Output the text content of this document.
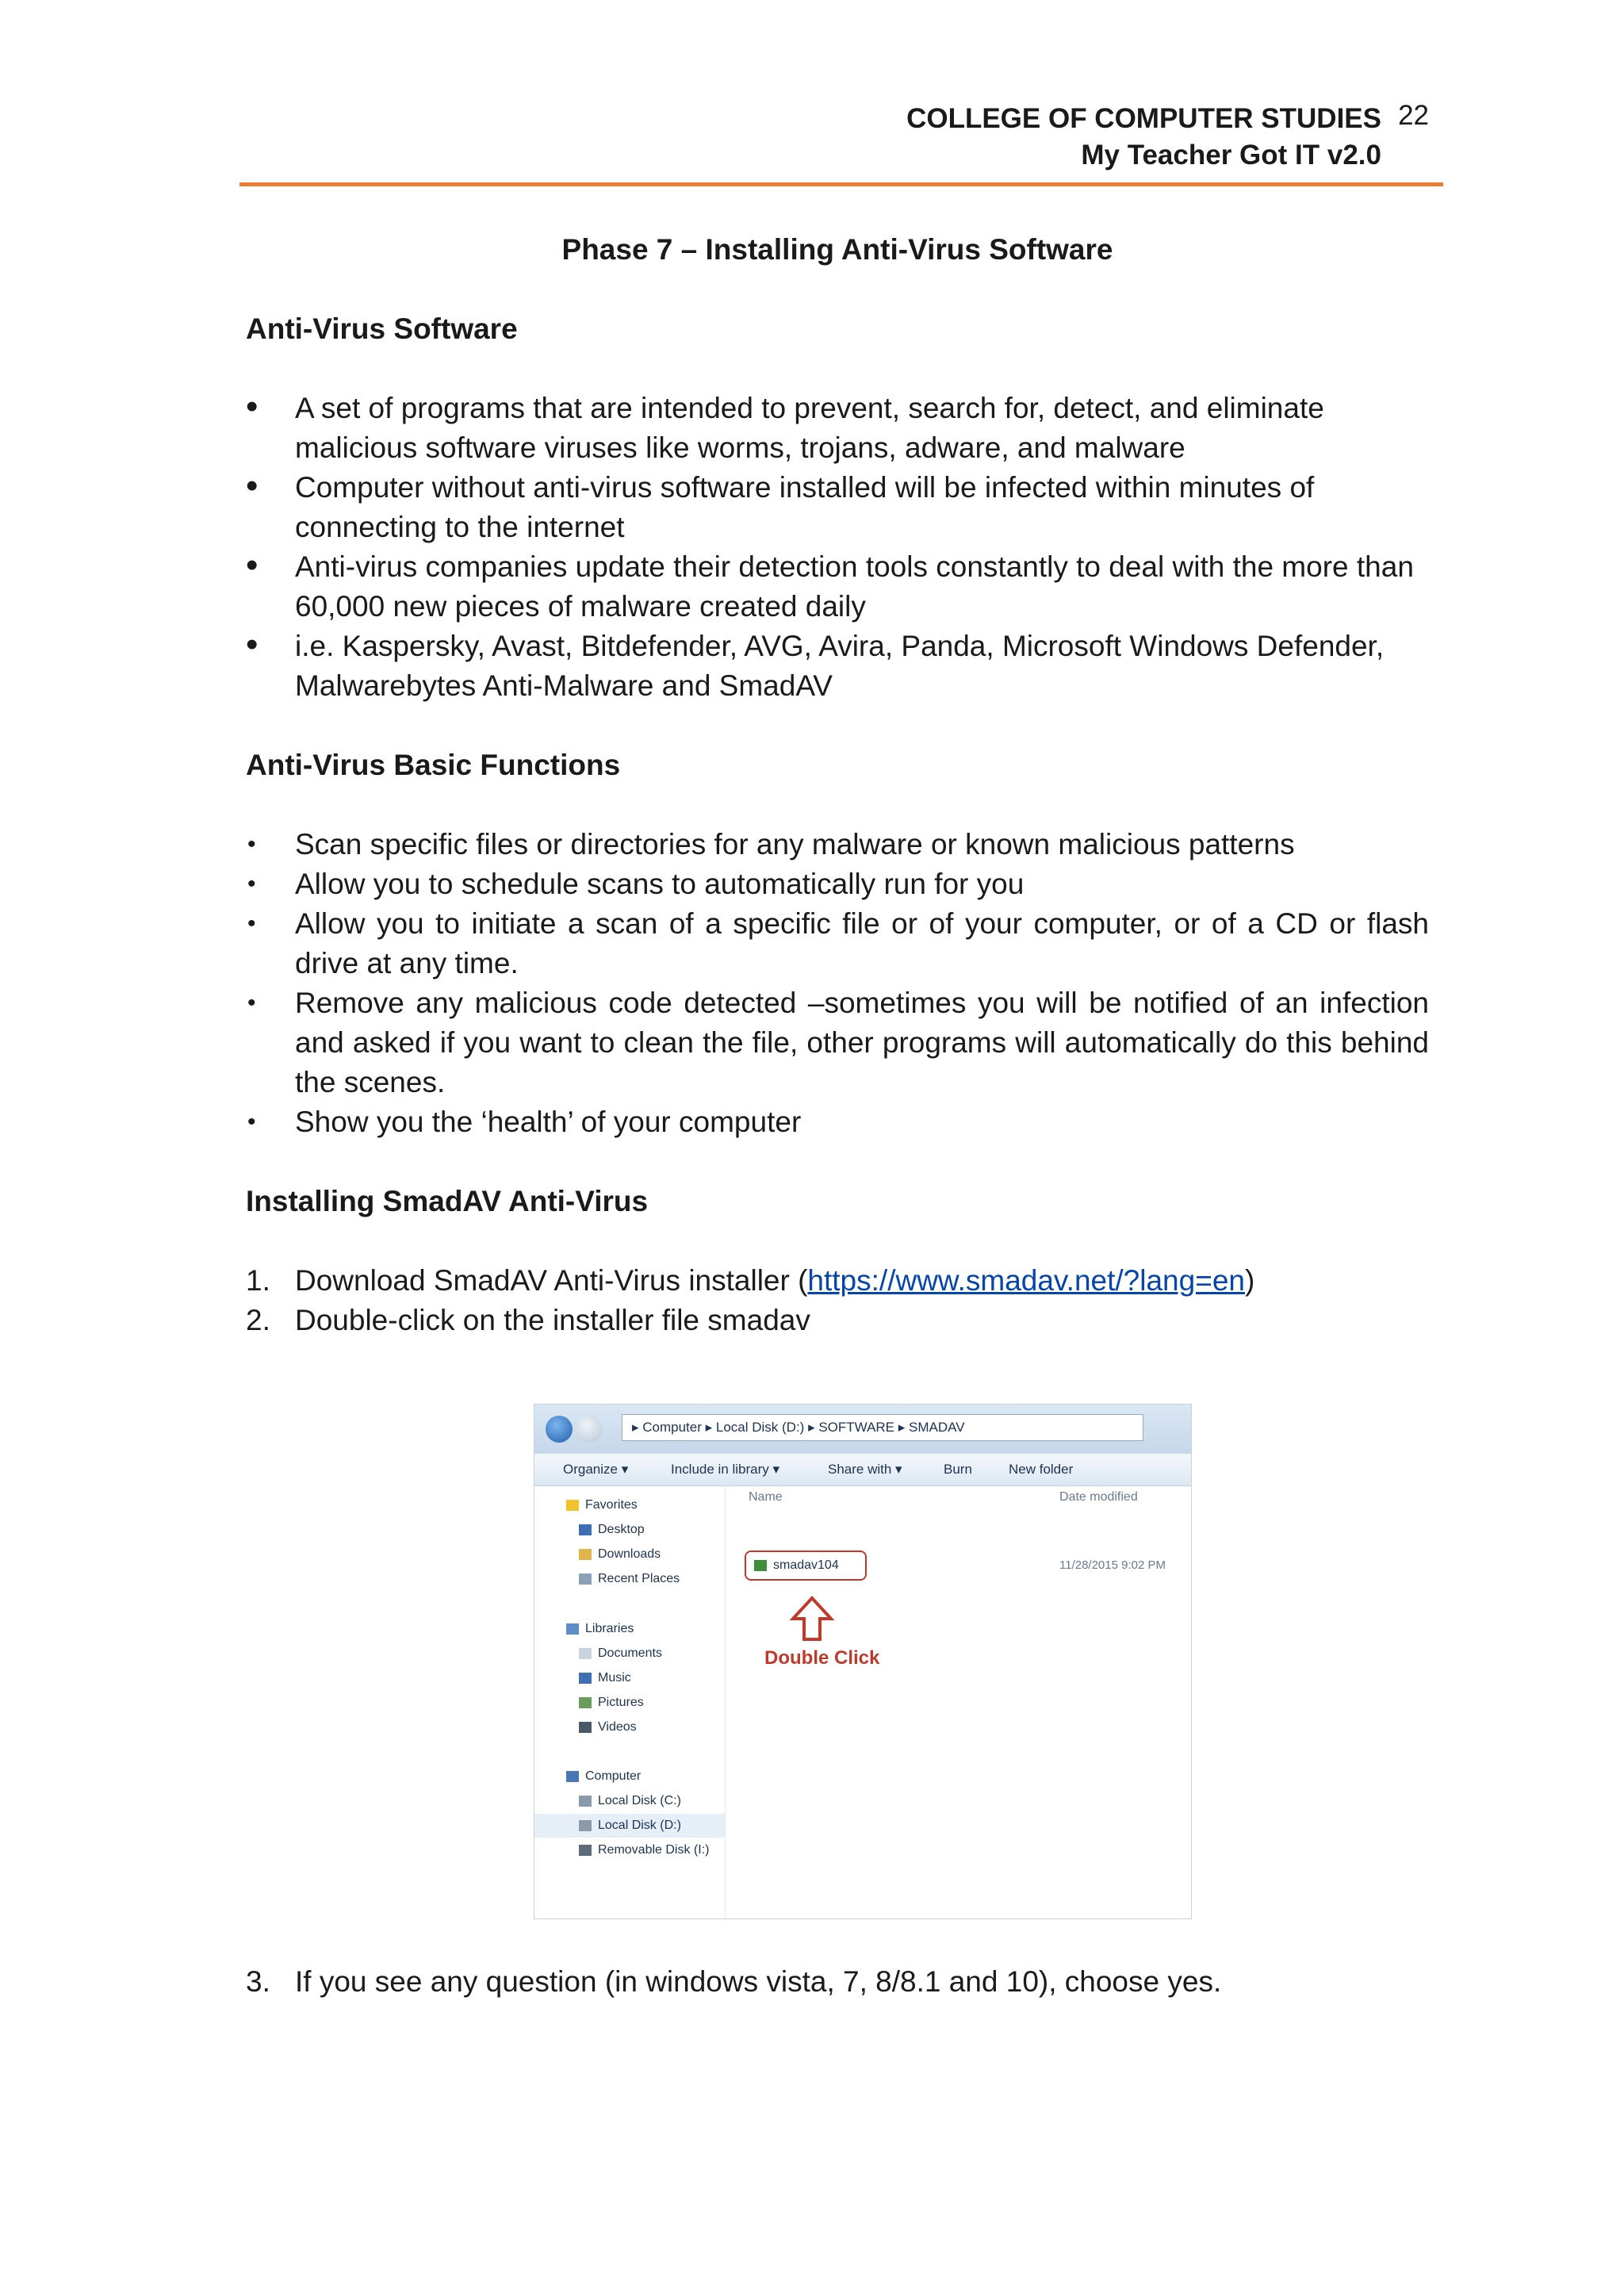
COLLEGE OF COMPUTER STUDIES 22
My Teacher Got IT v2.0
Phase 7 – Installing Anti-Virus Software
Anti-Virus Software
• A set of programs that are intended to prevent, search for, detect, and eliminate malicious software viruses like worms, trojans, adware, and malware
• Computer without anti-virus software installed will be infected within minutes of connecting to the internet
• Anti-virus companies update their detection tools constantly to deal with the more than 60,000 new pieces of malware created daily
• i.e. Kaspersky, Avast, Bitdefender, AVG, Avira, Panda, Microsoft Windows Defender, Malwarebytes Anti-Malware and SmadAV
Anti-Virus Basic Functions
• Scan specific files or directories for any malware or known malicious patterns
• Allow you to schedule scans to automatically run for you
• Allow you to initiate a scan of a specific file or of your computer, or of a CD or flash drive at any time.
• Remove any malicious code detected –sometimes you will be notified of an infection and asked if you want to clean the file, other programs will automatically do this behind the scenes.
• Show you the ‘health’ of your computer
Installing SmadAV Anti-Virus
1. Download SmadAV Anti-Virus installer (https://www.smadav.net/?lang=en)
2. Double-click on the installer file smadav
▸ Computer ▸ Local Disk (D:) ▸ SOFTWARE ▸ SMADAV
Organize ▾	Include in library ▾	Share with ▾	Burn	New folder
Favorites
Desktop
Downloads
Recent Places
Libraries
Documents
Music
Pictures
Videos
Computer
Local Disk (C:)
Local Disk (D:)
Removable Disk (I:)
Name	Date modified
smadav104	11/28/2015 9:02 PM
Double Click
3. If you see any question (in windows vista, 7, 8/8.1 and 10), choose yes.
